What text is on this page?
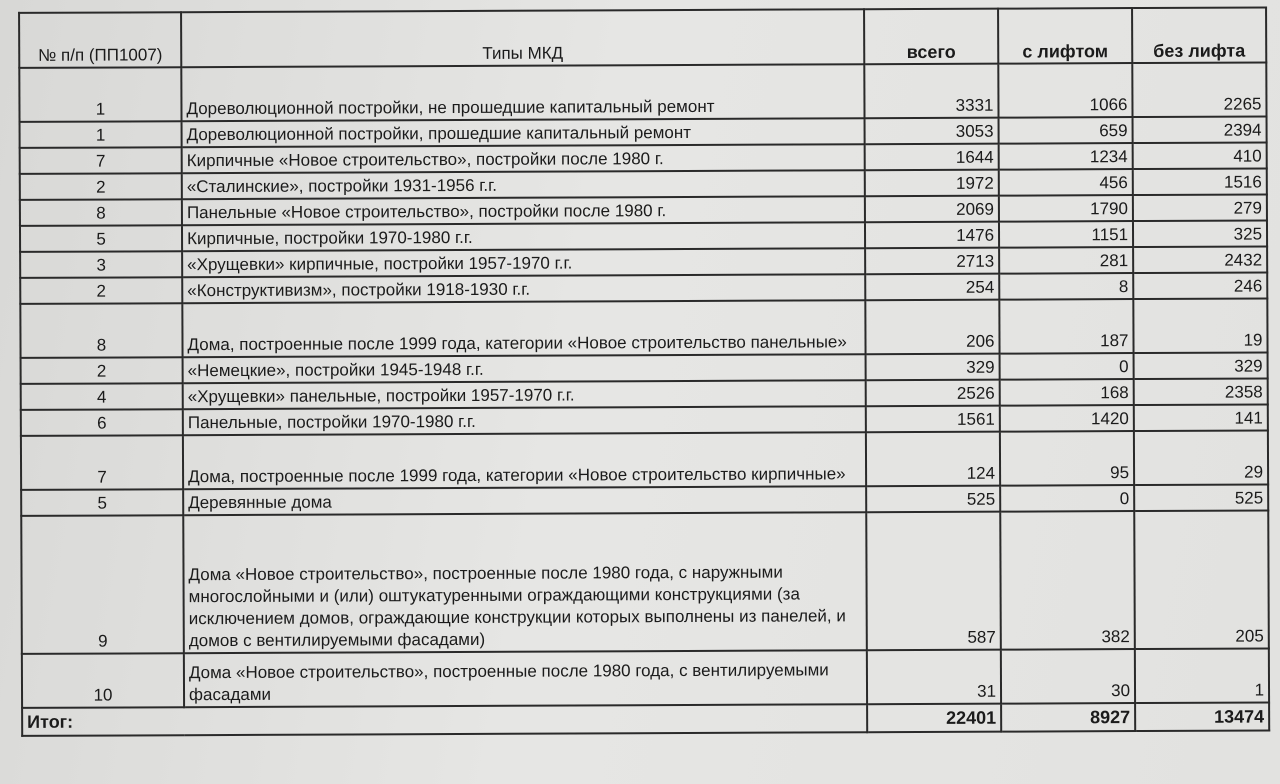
№ п/п (ПП1007)	Типы МКД	всего	с лифтом	без лифта
1	Дореволюционной постройки, не прошедшие капитальный ремонт	3331	1066	2265
1	Дореволюционной постройки, прошедшие капитальный ремонт	3053	659	2394
7	Кирпичные «Новое строительство», постройки после 1980 г.	1644	1234	410
2	«Сталинские», постройки 1931-1956 г.г.	1972	456	1516
8	Панельные «Новое строительство», постройки после 1980 г.	2069	1790	279
5	Кирпичные, постройки 1970-1980 г.г.	1476	1151	325
3	«Хрущевки» кирпичные, постройки 1957-1970 г.г.	2713	281	2432
2	«Конструктивизм», постройки 1918-1930 г.г.	254	8	246
8	Дома, построенные после 1999 года, категории «Новое строительство панельные»	206	187	19
2	«Немецкие», постройки 1945-1948 г.г.	329	0	329
4	«Хрущевки» панельные, постройки 1957-1970 г.г.	2526	168	2358
6	Панельные, постройки 1970-1980 г.г.	1561	1420	141
7	Дома, построенные после 1999 года, категории «Новое строительство кирпичные»	124	95	29
5	Деревянные дома	525	0	525
9	Дома «Новое строительство», построенные после 1980 года, с наружными многослойными и (или) оштукатуренными ограждающими конструкциями (за исключением домов, ограждающие конструкции которых выполнены из панелей, и домов с вентилируемыми фасадами)	587	382	205
10	Дома «Новое строительство», построенные после 1980 года, с вентилируемыми фасадами	31	30	1
Итог:		22401	8927	13474
